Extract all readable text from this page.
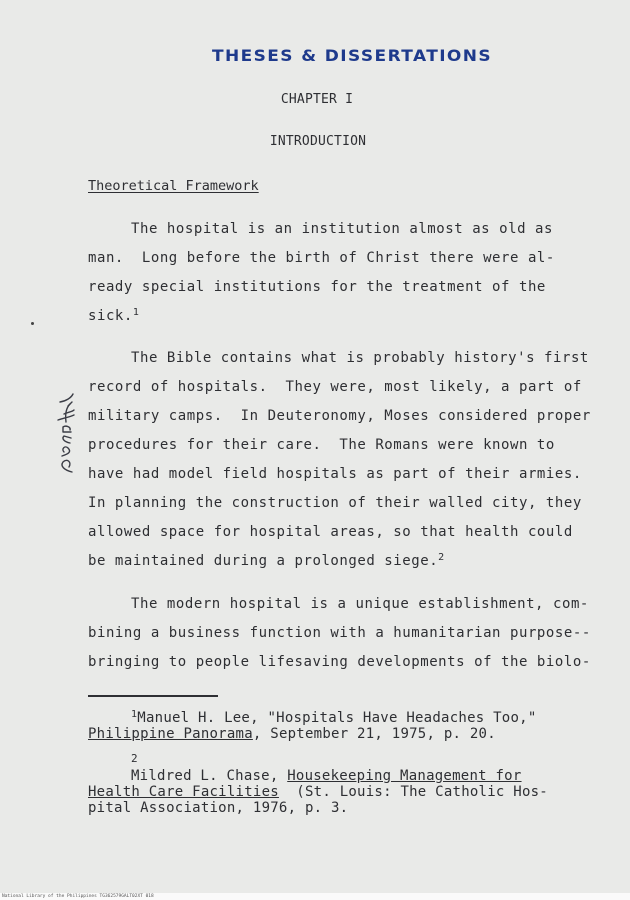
THESES & DISSERTATIONS
CHAPTER I
INTRODUCTION
Theoretical Framework
The hospital is an institution almost as old as
man.  Long before the birth of Christ there were al-
ready special institutions for the treatment of the
sick.$^1$
The Bible contains what is probably history's first
record of hospitals.  They were, most likely, a part of
military camps.  In Deuteronomy, Moses considered proper
procedures for their care.  The Romans were known to
have had model field hospitals as part of their armies.
In planning the construction of their walled city, they
allowed space for hospital areas, so that health could
be maintained during a prolonged siege.$^2$
The modern hospital is a unique establishment, com-
bining a business function with a humanitarian purpose--
bringing to people lifesaving developments of the biolo-
$^1$Manuel H. Lee, "Hospitals Have Headaches Too,"
Philippine Panorama, September 21, 1975, p. 20.
2
Mildred L. Chase, Housekeeping Management for
Health Care Facilities  (St. Louis: The Catholic Hos-
pital Association, 1976, p. 3.
National Library of the Philippines TG362579GALT02XT 018
